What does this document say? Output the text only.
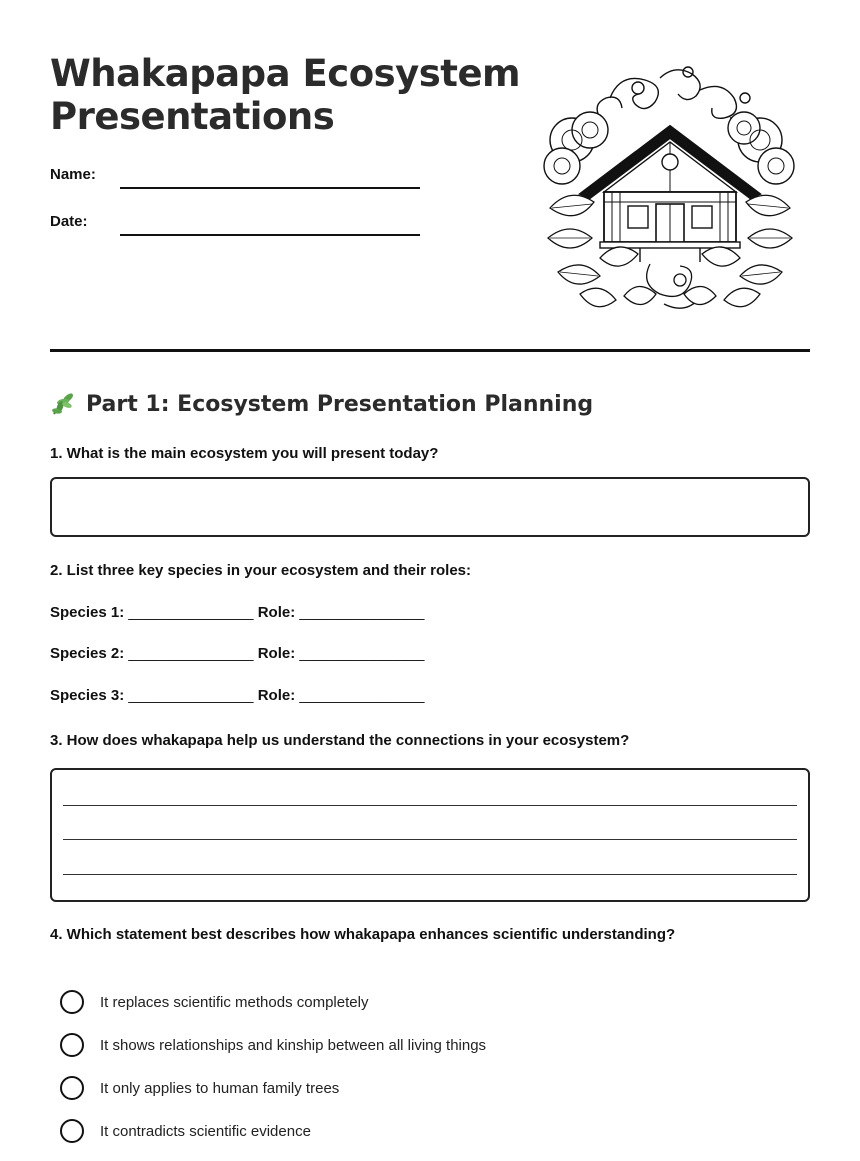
Whakapapa Ecosystem Presentations
Name:
Date:
Part 1: Ecosystem Presentation Planning
1. What is the main ecosystem you will present today?
2. List three key species in your ecosystem and their roles:
Species 1: _______________ Role: _______________
Species 2: _______________ Role: _______________
Species 3: _______________ Role: _______________
3. How does whakapapa help us understand the connections in your ecosystem?
4. Which statement best describes how whakapapa enhances scientific understanding?
It replaces scientific methods completely
It shows relationships and kinship between all living things
It only applies to human family trees
It contradicts scientific evidence
